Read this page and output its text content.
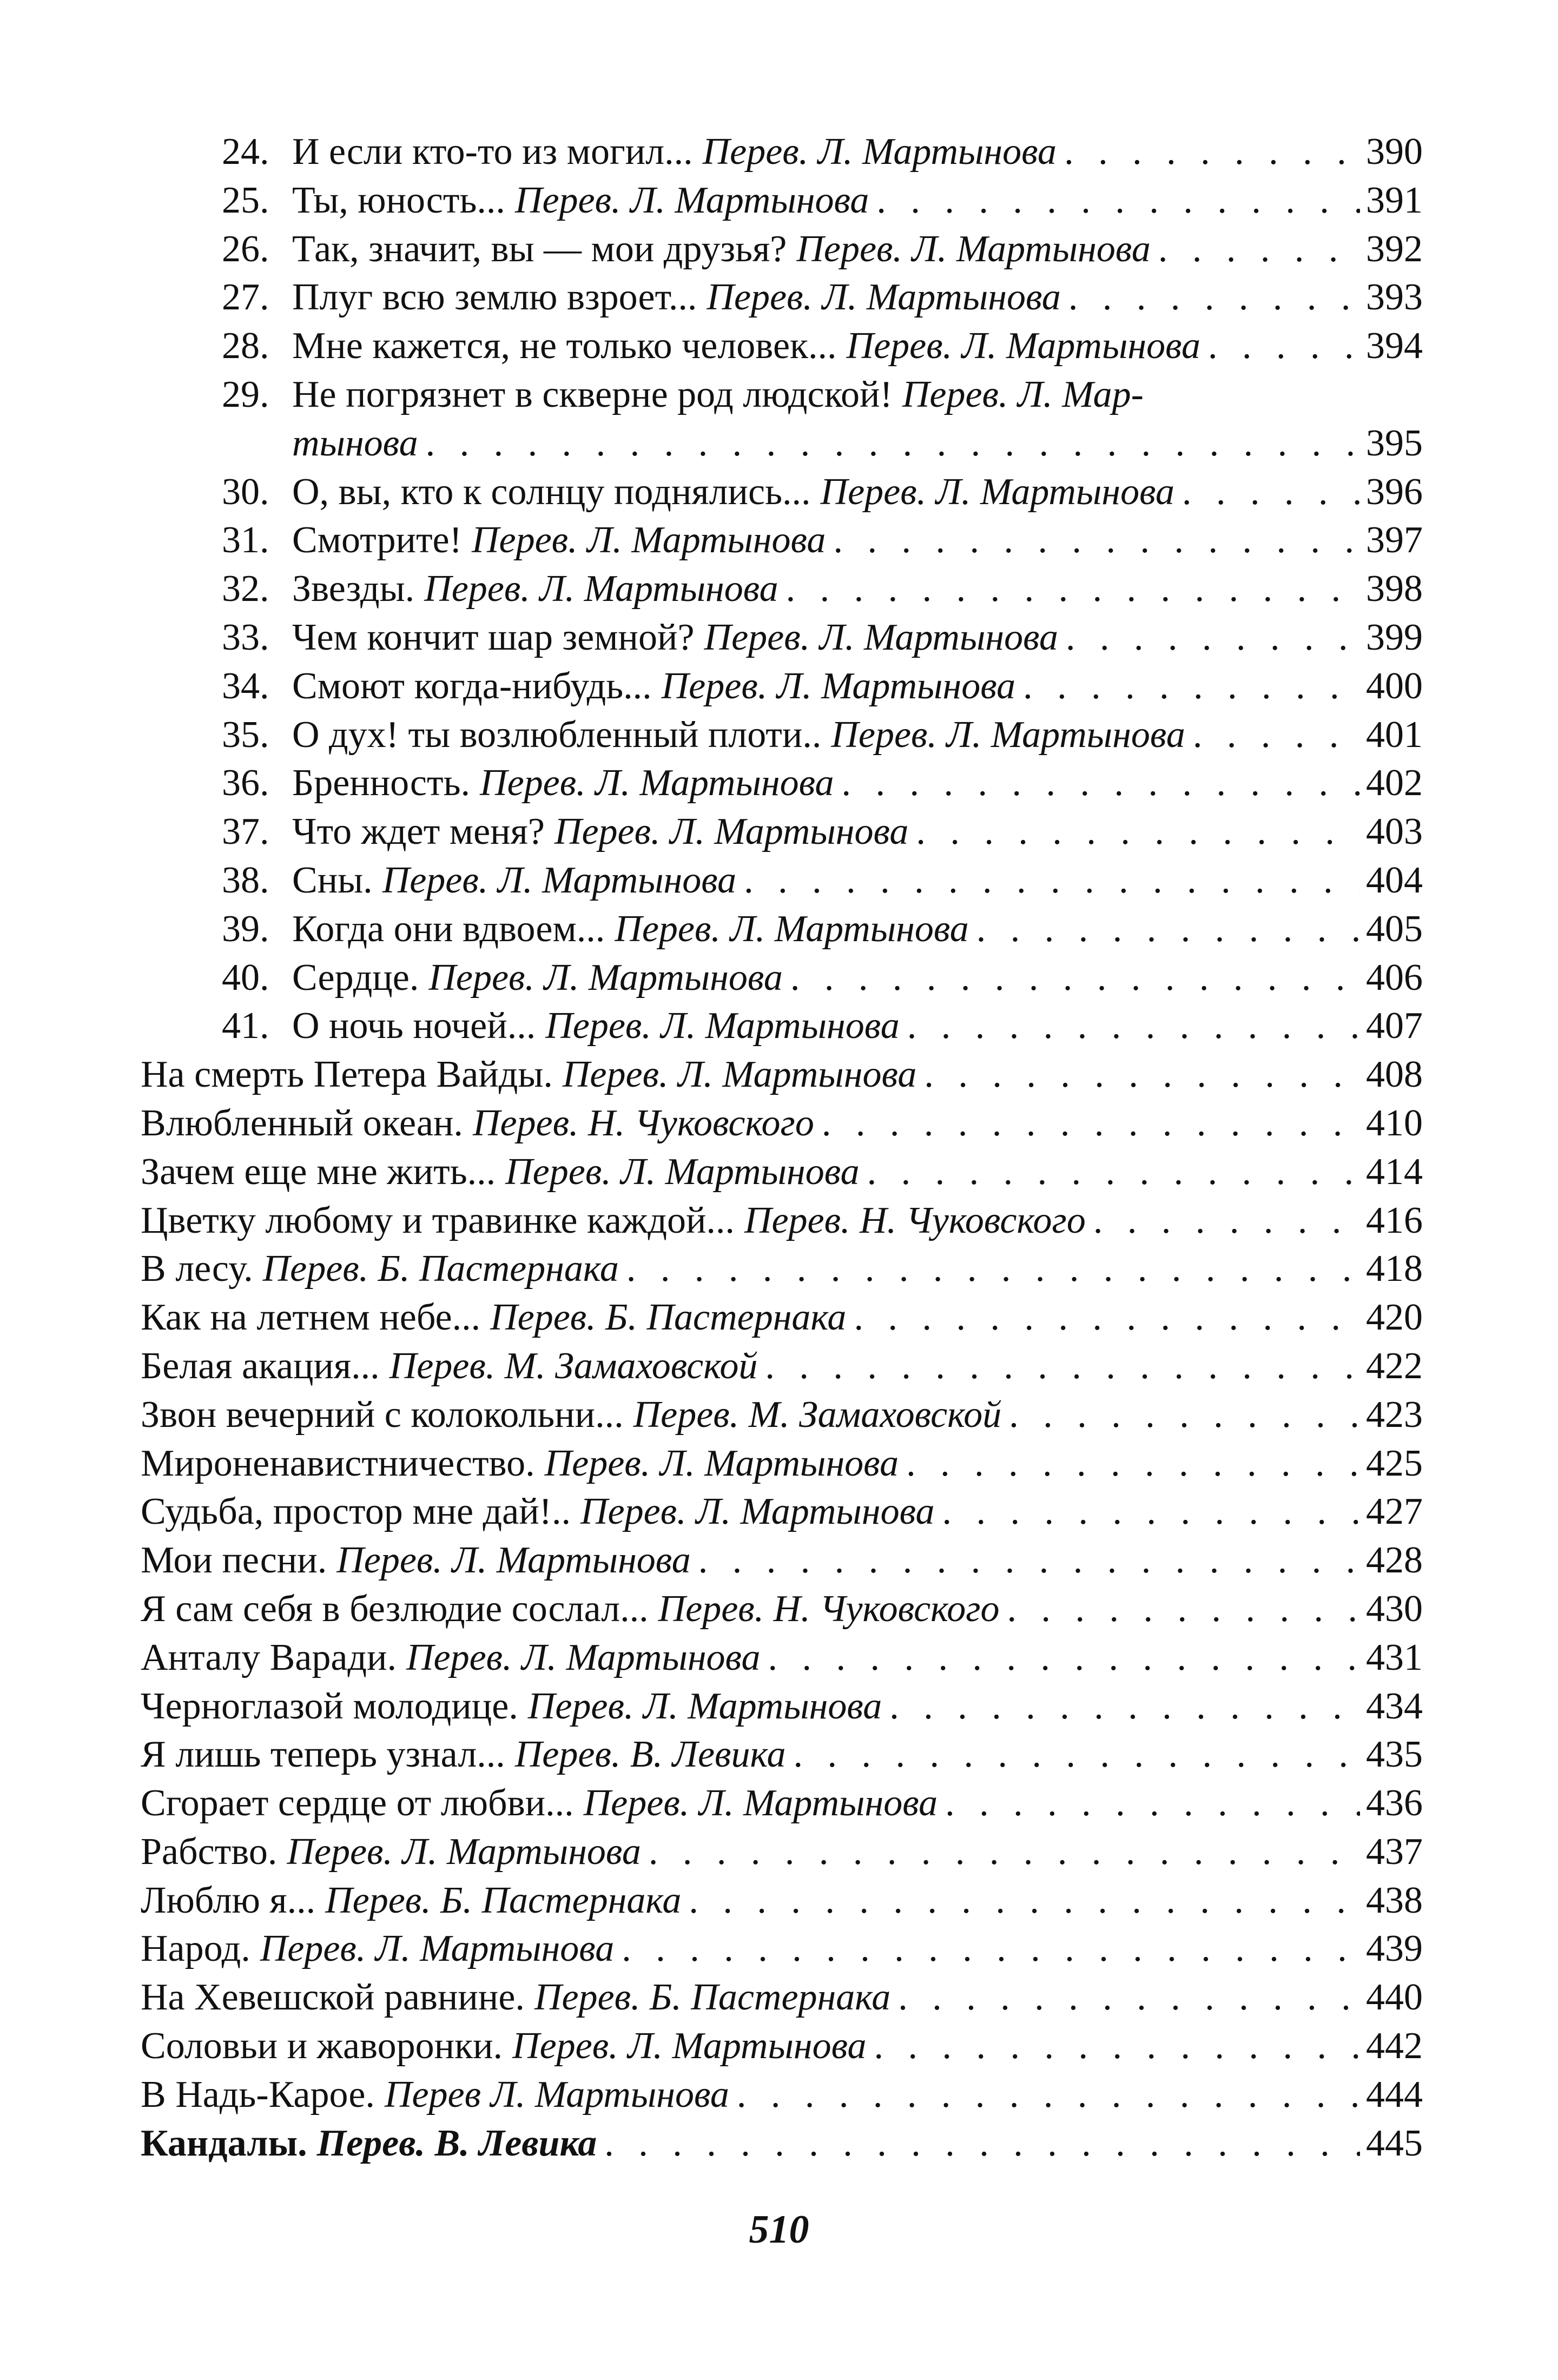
24. И если кто-то из могил... Перев. Л. Мартынова . . .	390
25. Ты, юность... Перев. Л. Мартынова . . .	391
26. Так, значит, вы — мои друзья? Перев. Л. Мартынова . . .	392
27. Плуг всю землю взроет... Перев. Л. Мартынова . . .	393
28. Мне кажется, не только человек... Перев. Л. Мартынова . . .	394
29. Не погрязнет в скверне род людской! Перев. Л. Мар-
тынова . . .	395
30. О, вы, кто к солнцу поднялись... Перев. Л. Мартынова . . .	396
31. Смотрите! Перев. Л. Мартынова . . .	397
32. Звезды. Перев. Л. Мартынова . . .	398
33. Чем кончит шар земной? Перев. Л. Мартынова . . .	399
34. Смоют когда-нибудь... Перев. Л. Мартынова . . .	400
35. О дух! ты возлюбленный плоти.. Перев. Л. Мартынова . . .	401
36. Бренность. Перев. Л. Мартынова . . .	402
37. Что ждет меня? Перев. Л. Мартынова . . .	403
38. Сны. Перев. Л. Мартынова . . .	404
39. Когда они вдвоем... Перев. Л. Мартынова . . .	405
40. Сердце. Перев. Л. Мартынова . . .	406
41. О ночь ночей... Перев. Л. Мартынова . . .	407
На смерть Петера Вайды. Перев. Л. Мартынова . . .	408
Влюбленный океан. Перев. Н. Чуковского . . .	410
Зачем еще мне жить... Перев. Л. Мартынова . . .	414
Цветку любому и травинке каждой... Перев. Н. Чуковского . . .	416
В лесу. Перев. Б. Пастернака . . .	418
Как на летнем небе... Перев. Б. Пастернака . . .	420
Белая акация... Перев. М. Замаховской . . .	422
Звон вечерний с колокольни... Перев. М. Замаховской . . .	423
Мироненавистничество. Перев. Л. Мартынова . . .	425
Судьба, простор мне дай!.. Перев. Л. Мартынова . . .	427
Мои песни. Перев. Л. Мартынова . . .	428
Я сам себя в безлюдие сослал... Перев. Н. Чуковского . . .	430
Анталу Варади. Перев. Л. Мартынова . . .	431
Черноглазой молодице. Перев. Л. Мартынова . . .	434
Я лишь теперь узнал... Перев. В. Левика . . .	435
Сгорает сердце от любви... Перев. Л. Мартынова . . .	436
Рабство. Перев. Л. Мартынова . . .	437
Люблю я... Перев. Б. Пастернака . . .	438
Народ. Перев. Л. Мартынова . . .	439
На Хевешской равнине. Перев. Б. Пастернака . . .	440
Соловьи и жаворонки. Перев. Л. Мартынова . . .	442
В Надь-Карое. Перев Л. Мартынова . . .	444
Кандалы. Перев. В. Левика . . .	445
510
